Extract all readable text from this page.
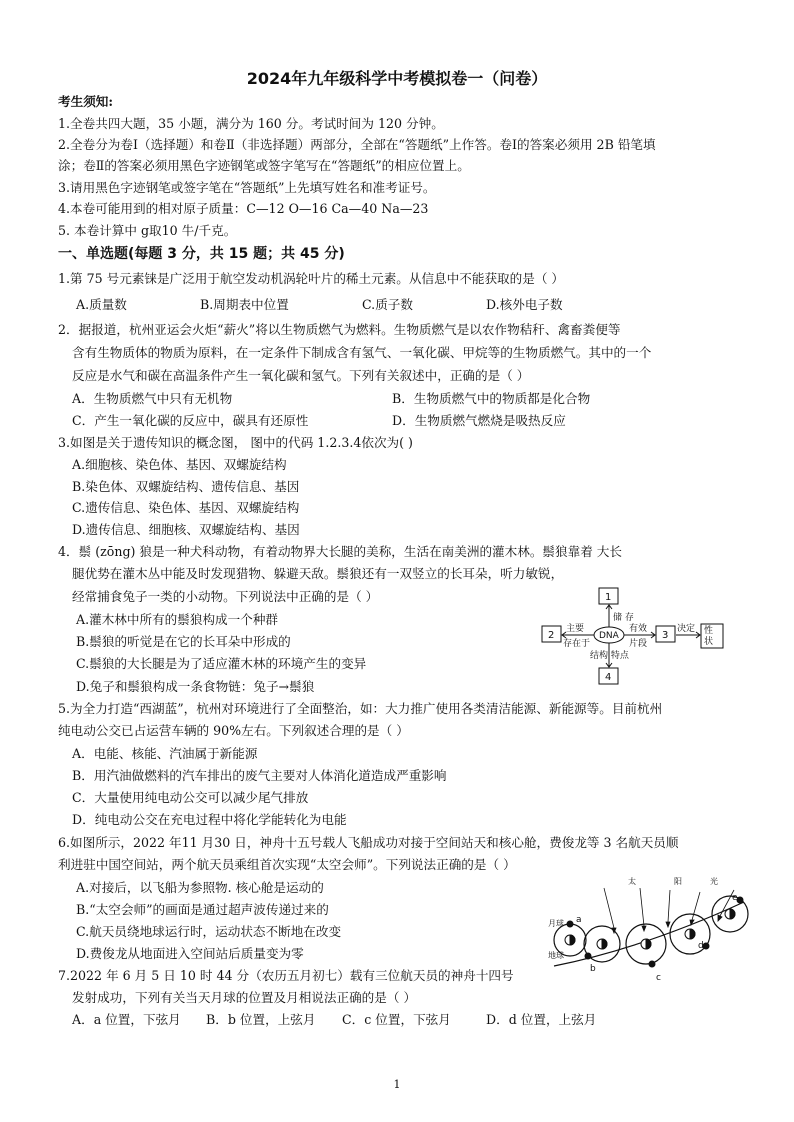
2024年九年级科学中考模拟卷一（问卷）
考生须知:
1.全卷共四大题，35 小题，满分为 160 分。考试时间为 120 分钟。
2.全卷分为卷Ⅰ（选择题）和卷Ⅱ（非选择题）两部分，全部在“答题纸”上作答。卷Ⅰ的答案必须用 2B 铅笔填
涂；卷Ⅱ的答案必须用黑色字迹钢笔或签字笔写在“答题纸”的相应位置上。
3.请用黑色字迹钢笔或签字笔在“答题纸”上先填写姓名和准考证号。
4.本卷可能用到的相对原子质量：C—12 O—16 Ca—40 Na—23
5. 本卷计算中 g取10 牛/千克。
一、单选题(每题 3 分，共 15 题；共 45 分)
1.第 75 号元素铼是广泛用于航空发动机涡轮叶片的稀土元素。从信息中不能获取的是（ ）
A.质量数	B.周期表中位置	C.质子数	D.核外电子数
2．据报道，杭州亚运会火炬“薪火”将以生物质燃气为燃料。生物质燃气是以农作物秸秆、禽畜粪便等
含有生物质体的物质为原料，在一定条件下制成含有氢气、一氧化碳、甲烷等的生物质燃气。其中的一个
反应是水气和碳在高温条件产生一氧化碳和氢气。下列有关叙述中，正确的是（ ）
A．生物质燃气中只有无机物	B．生物质燃气中的物质都是化合物
C．产生一氧化碳的反应中，碳具有还原性	D．生物质燃气燃烧是吸热反应
3.如图是关于遗传知识的概念图， 图中的代码 1.2.3.4依次为( )
A.细胞核、染色体、基因、双螺旋结构
B.染色体、双螺旋结构、遗传信息、基因
C.遗传信息、染色体、基因、双螺旋结构
D.遗传信息、细胞核、双螺旋结构、基因
4．鬃 (zōng) 狼是一种犬科动物，有着动物界大长腿的美称，生活在南美洲的灌木林。鬃狼靠着 大长
腿优势在灌木丛中能及时发现猎物、躲避天敌。鬃狼还有一双竖立的长耳朵，听力敏锐，
经常捕食兔子一类的小动物。下列说法中正确的是（ ）
A.灌木林中所有的鬃狼构成一个种群
B.鬃狼的听觉是在它的长耳朵中形成的
C.鬃狼的大长腿是为了适应灌木林的环境产生的变异
D.兔子和鬃狼构成一条食物链：兔子→鬃狼
1
2	3
4
DNA
储 存
主要
存在于
有效
片段
结构 特点
决定 性状
5.为全力打造“西湖蓝”，杭州对环境进行了全面整治，如：大力推广使用各类清洁能源、新能源等。目前杭州
纯电动公交已占运营车辆的 90%左右。下列叙述合理的是（ ）
A．电能、核能、汽油属于新能源
B．用汽油做燃料的汽车排出的废气主要对人体消化道造成严重影响
C．大量使用纯电动公交可以减少尾气排放
D．纯电动公交在充电过程中将化学能转化为电能
6.如图所示，2022 年11 月30 日，神舟十五号载人飞船成功对接于空间站天和核心舱，费俊龙等 3 名航天员顺
利进驻中国空间站，两个航天员乘组首次实现“太空会师”。下列说法正确的是（ ）
A.对接后，以飞船为参照物. 核心舱是运动的
B.“太空会师”的画面是通过超声波传递过来的
C.航天员绕地球运行时，运动状态不断地在改变
D.费俊龙从地面进入空间站后质量变为零
太	阳	光
月球
地球
a
b
c
d
e
7.2022 年 6 月 5 日 10 时 44 分（农历五月初七）载有三位航天员的神舟十四号
发射成功，下列有关当天月球的位置及月相说法正确的是（ ）
A．a 位置，下弦月 B．b 位置，上弦月 C．c 位置，下弦月	D．d 位置，上弦月
1
